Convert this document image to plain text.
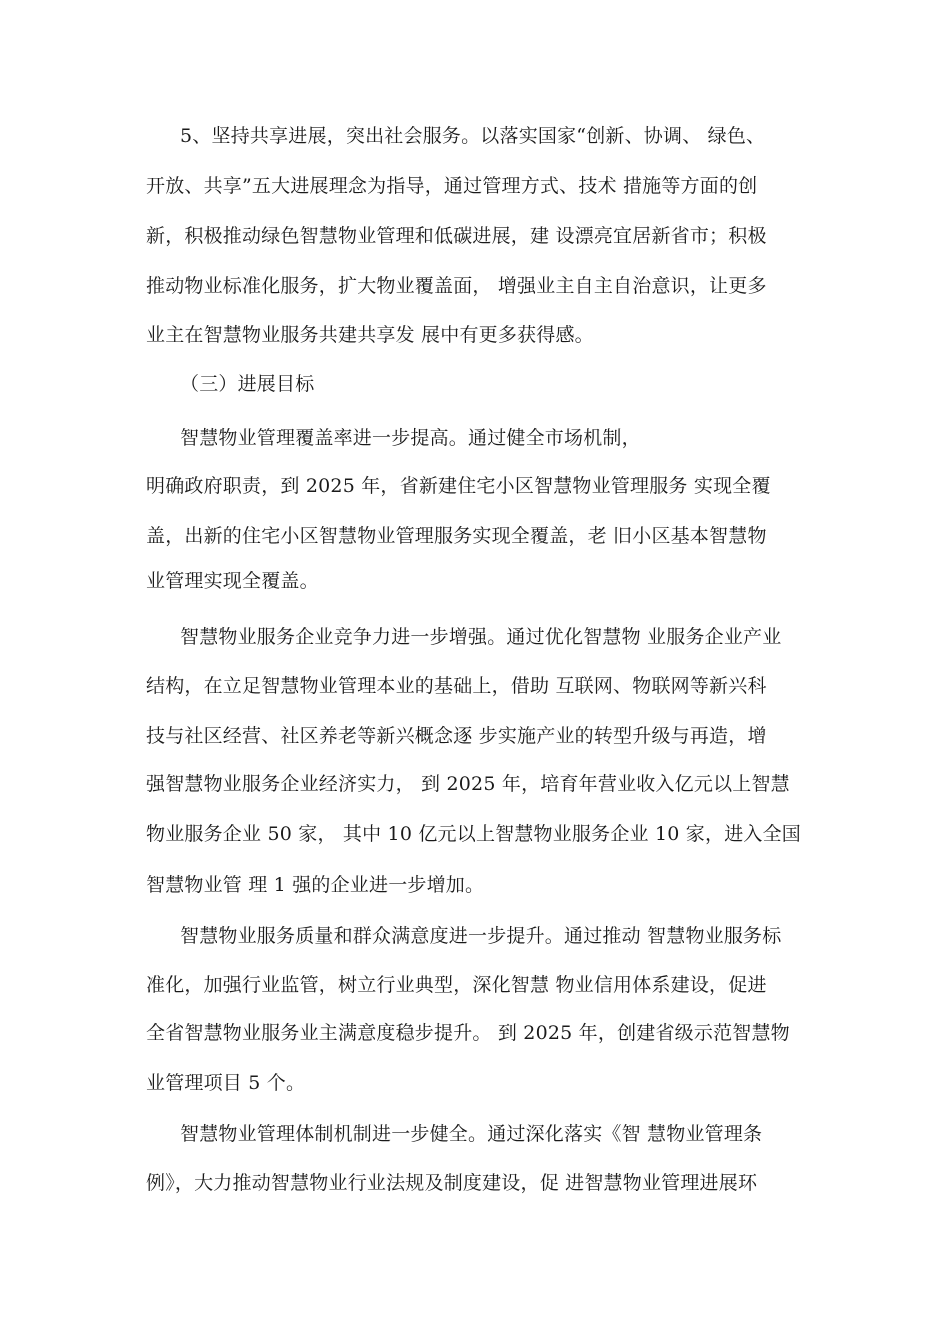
5、坚持共享进展，突出社会服务。以落实国家“创新、协调、 绿色、
开放、共享”五大进展理念为指导，通过管理方式、技术 措施等方面的创
新，积极推动绿色智慧物业管理和低碳进展，建 设漂亮宜居新省市；积极
推动物业标准化服务，扩大物业覆盖面， 增强业主自主自治意识，让更多
业主在智慧物业服务共建共享发 展中有更多获得感。
（三）进展目标
智慧物业管理覆盖率进一步提高。通过健全市场机制，
明确政府职责，到 2025 年，省新建住宅小区智慧物业管理服务 实现全覆
盖，出新的住宅小区智慧物业管理服务实现全覆盖，老 旧小区基本智慧物
业管理实现全覆盖。
智慧物业服务企业竞争力进一步增强。通过优化智慧物 业服务企业产业
结构，在立足智慧物业管理本业的基础上，借助 互联网、物联网等新兴科
技与社区经营、社区养老等新兴概念逐 步实施产业的转型升级与再造，增
强智慧物业服务企业经济实力， 到 2025 年，培育年营业收入亿元以上智慧
物业服务企业 50 家， 其中 10 亿元以上智慧物业服务企业 10 家，进入全国
智慧物业管 理 1 强的企业进一步增加。
智慧物业服务质量和群众满意度进一步提升。通过推动 智慧物业服务标
准化，加强行业监管，树立行业典型，深化智慧 物业信用体系建设，促进
全省智慧物业服务业主满意度稳步提升。 到 2025 年，创建省级示范智慧物
业管理项目 5 个。
智慧物业管理体制机制进一步健全。通过深化落实《智 慧物业管理条
例》，大力推动智慧物业行业法规及制度建设，促 进智慧物业管理进展环
